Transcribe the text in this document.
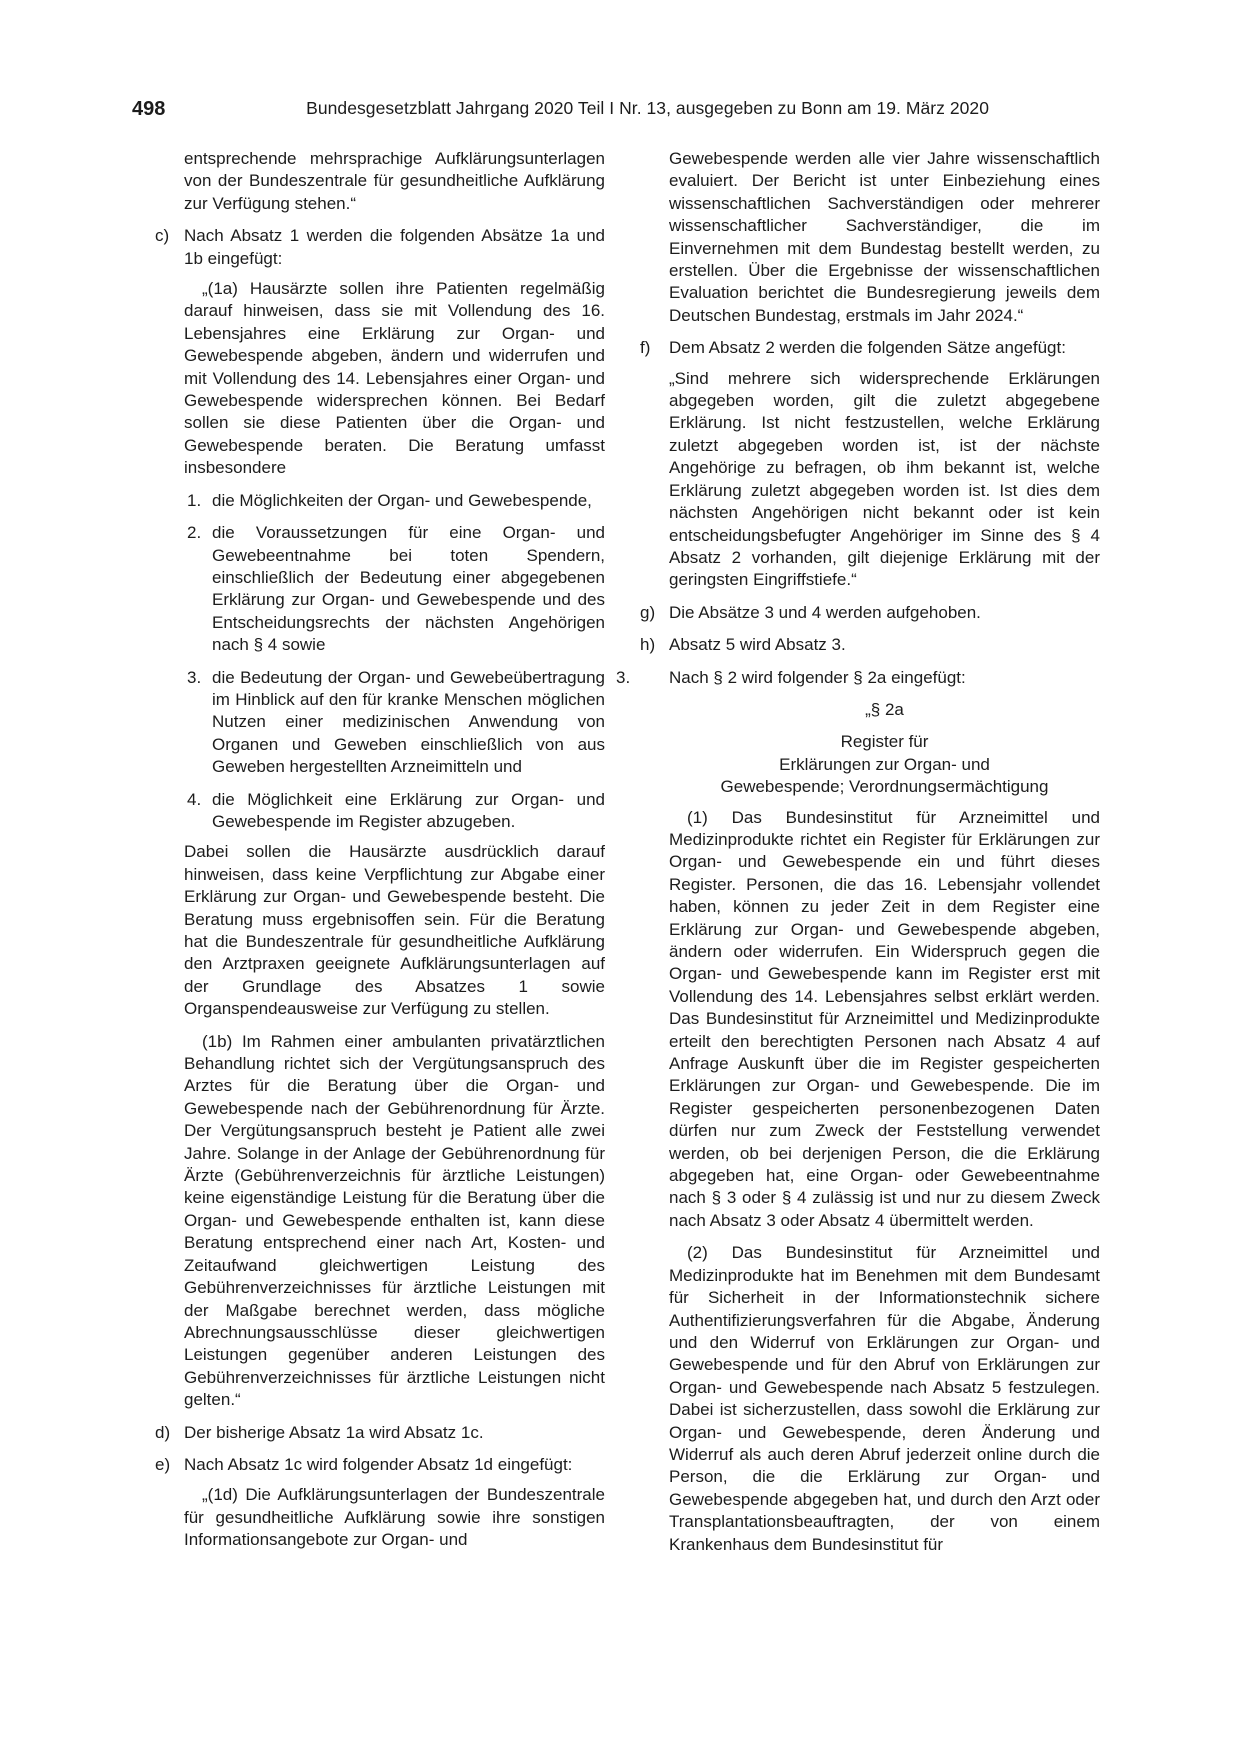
498	Bundesgesetzblatt Jahrgang 2020 Teil I Nr. 13, ausgegeben zu Bonn am 19. März 2020

entsprechende mehrsprachige Aufklärungsunterlagen von der Bundeszentrale für gesundheitliche Aufklärung zur Verfügung stehen.“

c) Nach Absatz 1 werden die folgenden Absätze 1a und 1b eingefügt:

„(1a) Hausärzte sollen ihre Patienten regelmäßig darauf hinweisen, dass sie mit Vollendung des 16. Lebensjahres eine Erklärung zur Organ- und Gewebespende abgeben, ändern und widerrufen und mit Vollendung des 14. Lebensjahres einer Organ- und Gewebespende widersprechen können. Bei Bedarf sollen sie diese Patienten über die Organ- und Gewebespende beraten. Die Beratung umfasst insbesondere

1. die Möglichkeiten der Organ- und Gewebespende,
2. die Voraussetzungen für eine Organ- und Gewebeentnahme bei toten Spendern, einschließlich der Bedeutung einer abgegebenen Erklärung zur Organ- und Gewebespende und des Entscheidungsrechts der nächsten Angehörigen nach § 4 sowie
3. die Bedeutung der Organ- und Gewebeübertragung im Hinblick auf den für kranke Menschen möglichen Nutzen einer medizinischen Anwendung von Organen und Geweben einschließlich von aus Geweben hergestellten Arzneimitteln und
4. die Möglichkeit eine Erklärung zur Organ- und Gewebespende im Register abzugeben.

Dabei sollen die Hausärzte ausdrücklich darauf hinweisen, dass keine Verpflichtung zur Abgabe einer Erklärung zur Organ- und Gewebespende besteht. Die Beratung muss ergebnisoffen sein. Für die Beratung hat die Bundeszentrale für gesundheitliche Aufklärung den Arztpraxen geeignete Aufklärungsunterlagen auf der Grundlage des Absatzes 1 sowie Organspendeausweise zur Verfügung zu stellen.

(1b) Im Rahmen einer ambulanten privatärztlichen Behandlung richtet sich der Vergütungsanspruch des Arztes für die Beratung über die Organ- und Gewebespende nach der Gebührenordnung für Ärzte. Der Vergütungsanspruch besteht je Patient alle zwei Jahre. Solange in der Anlage der Gebührenordnung für Ärzte (Gebührenverzeichnis für ärztliche Leistungen) keine eigenständige Leistung für die Beratung über die Organ- und Gewebespende enthalten ist, kann diese Beratung entsprechend einer nach Art, Kosten- und Zeitaufwand gleichwertigen Leistung des Gebührenverzeichnisses für ärztliche Leistungen mit der Maßgabe berechnet werden, dass mögliche Abrechnungsausschlüsse dieser gleichwertigen Leistungen gegenüber anderen Leistungen des Gebührenverzeichnisses für ärztliche Leistungen nicht gelten.“

d) Der bisherige Absatz 1a wird Absatz 1c.

e) Nach Absatz 1c wird folgender Absatz 1d eingefügt:

„(1d) Die Aufklärungsunterlagen der Bundeszentrale für gesundheitliche Aufklärung sowie ihre sonstigen Informationsangebote zur Organ- und

Gewebespende werden alle vier Jahre wissenschaftlich evaluiert. Der Bericht ist unter Einbeziehung eines wissenschaftlichen Sachverständigen oder mehrerer wissenschaftlicher Sachverständiger, die im Einvernehmen mit dem Bundestag bestellt werden, zu erstellen. Über die Ergebnisse der wissenschaftlichen Evaluation berichtet die Bundesregierung jeweils dem Deutschen Bundestag, erstmals im Jahr 2024.“

f) Dem Absatz 2 werden die folgenden Sätze angefügt:

„Sind mehrere sich widersprechende Erklärungen abgegeben worden, gilt die zuletzt abgegebene Erklärung. Ist nicht festzustellen, welche Erklärung zuletzt abgegeben worden ist, ist der nächste Angehörige zu befragen, ob ihm bekannt ist, welche Erklärung zuletzt abgegeben worden ist. Ist dies dem nächsten Angehörigen nicht bekannt oder ist kein entscheidungsbefugter Angehöriger im Sinne des § 4 Absatz 2 vorhanden, gilt diejenige Erklärung mit der geringsten Eingriffstiefe.“

g) Die Absätze 3 und 4 werden aufgehoben.

h) Absatz 5 wird Absatz 3.

3. Nach § 2 wird folgender § 2a eingefügt:

„§ 2a

Register für

Erklärungen zur Organ- und

Gewebespende; Verordnungsermächtigung

(1) Das Bundesinstitut für Arzneimittel und Medizinprodukte richtet ein Register für Erklärungen zur Organ- und Gewebespende ein und führt dieses Register. Personen, die das 16. Lebensjahr vollendet haben, können zu jeder Zeit in dem Register eine Erklärung zur Organ- und Gewebespende abgeben, ändern oder widerrufen. Ein Widerspruch gegen die Organ- und Gewebespende kann im Register erst mit Vollendung des 14. Lebensjahres selbst erklärt werden. Das Bundesinstitut für Arzneimittel und Medizinprodukte erteilt den berechtigten Personen nach Absatz 4 auf Anfrage Auskunft über die im Register gespeicherten Erklärungen zur Organ- und Gewebespende. Die im Register gespeicherten personenbezogenen Daten dürfen nur zum Zweck der Feststellung verwendet werden, ob bei derjenigen Person, die die Erklärung abgegeben hat, eine Organ- oder Gewebeentnahme nach § 3 oder § 4 zulässig ist und nur zu diesem Zweck nach Absatz 3 oder Absatz 4 übermittelt werden.

(2) Das Bundesinstitut für Arzneimittel und Medizinprodukte hat im Benehmen mit dem Bundesamt für Sicherheit in der Informationstechnik sichere Authentifizierungsverfahren für die Abgabe, Änderung und den Widerruf von Erklärungen zur Organ- und Gewebespende und für den Abruf von Erklärungen zur Organ- und Gewebespende nach Absatz 5 festzulegen. Dabei ist sicherzustellen, dass sowohl die Erklärung zur Organ- und Gewebespende, deren Änderung und Widerruf als auch deren Abruf jederzeit online durch die Person, die die Erklärung zur Organ- und Gewebespende abgegeben hat, und durch den Arzt oder Transplantationsbeauftragten, der von einem Krankenhaus dem Bundesinstitut für
